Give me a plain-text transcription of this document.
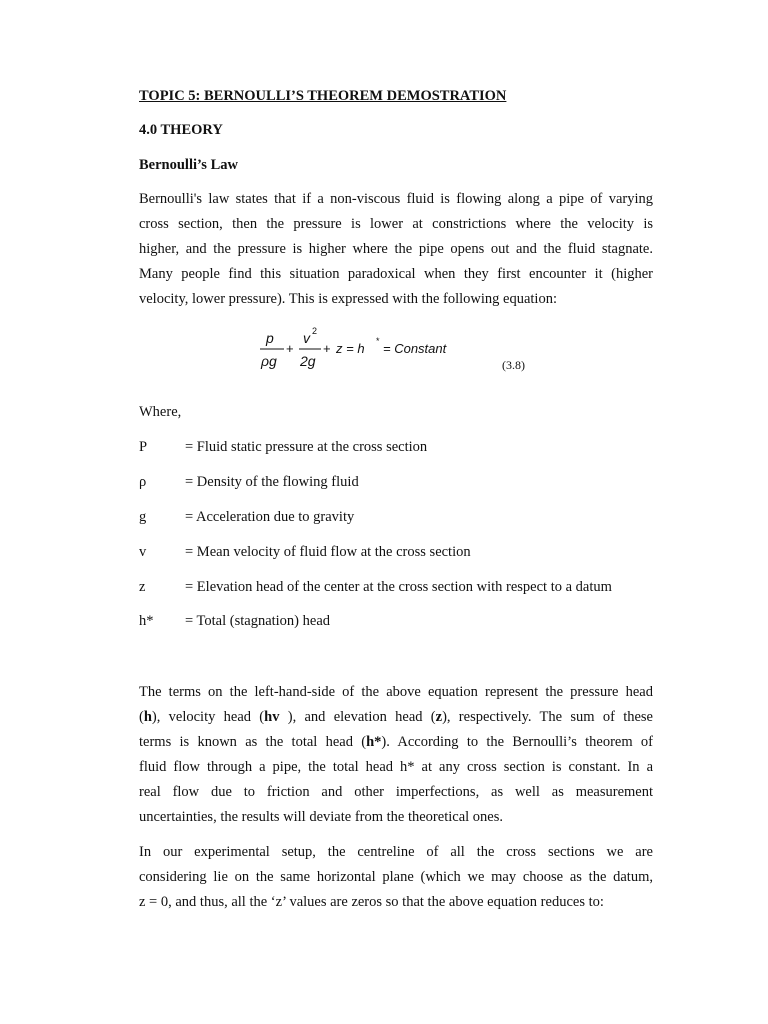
TOPIC 5: BERNOULLI’S THEOREM DEMOSTRATION
4.0 THEORY
Bernoulli’s Law
Bernoulli's law states that if a non-viscous fluid is flowing along a pipe of varying
cross section, then the pressure is lower at constrictions where the velocity is
higher, and the pressure is higher where the pipe opens out and the fluid stagnate.
Many people find this situation paradoxical when they first encounter it (higher
velocity, lower pressure). This is expressed with the following equation:
p
ρg
+
v 2
2g
+ z = h * = Constant
(3.8)
Where,
P	= Fluid static pressure at the cross section
ρ	= Density of the flowing fluid
g	= Acceleration due to gravity
v	= Mean velocity of fluid flow at the cross section
z	= Elevation head of the center at the cross section with respect to a datum
h* = Total (stagnation) head
The terms on the left-hand-side of the above equation represent the pressure head
(h), velocity head (hv ), and elevation head (z), respectively. The sum of these
terms is known as the total head (h*). According to the Bernoulli’s theorem of
fluid flow through a pipe, the total head h* at any cross section is constant. In a
real flow due to friction and other imperfections, as well as measurement
uncertainties, the results will deviate from the theoretical ones.
In our experimental setup, the centreline of all the cross sections we are
considering lie on the same horizontal plane (which we may choose as the datum,
z = 0, and thus, all the ‘z’ values are zeros so that the above equation reduces to:
